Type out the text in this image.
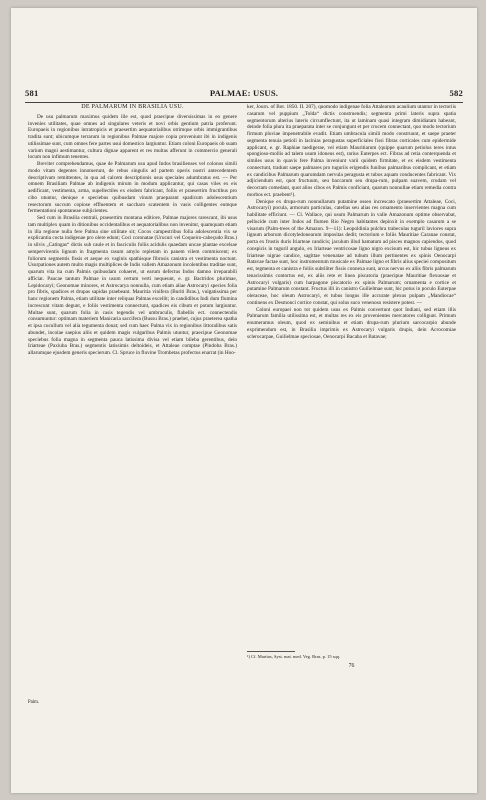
581	PALMAE: USUS.	582
DE PALMARUM IN BRASILIA USU.

De usu palmarum maximus quidem ille est, quod praecipue diversissimas in eo genere invenies utilitates, quae omnes ad singulares veteris et novi orbis gentium patria proferunt. Europaeis in regionibus intratropicis et praesertim aequatorialibus utrimque orbis immigrantibus tradita sunt; ubicumque terrarum in regionibus Palmae majore copia proveniunt ibi in indigenis utilissimae sunt, cum omnes fere partes usui domestico largiuntur. Etiam coloni Europaeis ob suam varium magni aestimantur, cultura dignae apparent et res multas afferunt in commercio generali locum non infimum tenentes.

Breviter comprehendamus, quae de Palmarum usu apud Indos brasilienses vel colonos simili modo vitam degentes innotuerunt, de rebus singulis ad partem operis nostri antecedentem descriptivam remittentes, in qua ad calcem descriptionis usus speciales adumbratus est. — Per omnem Brasiliam Palmae ab indigenis mirum in modum applicantur, qui casas viles ex eis aedificant, vestimenta, arma, supellectiles ex eisdem fabricant, foliis et praesertim fructibus pro cibo utuntur, denique e speciebus quibusdam vinum praeparant spadicum adolescentium resectorum succum copiose effluentem et saccharo scatentem in vasis colligentes eumque fermentationi spontaneae subjicientes.

Sed cum in Brasilia centrali, praesertim montana editiore, Palmae majores rarescant, ibi usus tam multiplex quam in ditionibus occidentalibus et aequatorialibus non invenitur, quamquam etiam in illa regione nulla fere Palma sine utilitate sit; Cocos campestribus folia adolescentia vix se explicantia cocta indigenae pro olere edunt; Coci coronatae (Urucuri vel Coqueiro-cabeçudo Bras.) in silvis „Catingas“ dictis sub caule et in fasciculis foliis acidulis quaedam uncae plantae excelsae sempervirentis lignum in fragmenta rasum amylo repletam in panem vilem commiscent; ex foliorum segmentis fissis et aeque ex vaginis spathisque fibrosis canistra et vestimenta noctunt. Usurpationes autem multo magis multiplices de Indis vallem Amazonum incolentibus traditae sunt, quarum vita ita cum Palmis quibusdam cohaeret, ut earum defectus Indos damno irreparabili afficiat. Paucae tantum Palmae in usum certum verti nequeunt, e. gr. Bactridos plurimae, Lepidocaryi; Geonomae minores, et Astrocarya nonnulla, cum etiam aliae Astrocaryi species folia pro fibris, spadices et drupas sapidas praebeant. Mauritia vinifera (Buriti Bras.), vulgatissima per hanc regionem Palma, etiam utilitate inter reliquas Palmas excellit; in candidibus Indi dum flumina increscunt vitam degunt, e foliis vestimenta connectunt, spadices eis cibum et potum largiuntur. Multae sunt, quarum folia in casis tegendis vel umbraculis, flabellis ect. connectendis consumuntur: optimam materiem Manicaria saccifera (Bussu Bras.) praebet, cujus praeterea spatha et ipsa cucullum vel alia tegumenta donat; sed cum haec Palma vix in regionibus littoralibus satis abundet, incolae saepius aliis et quidem magis vulgaribus Palmis utuntur, praecipue Geonomae speciebus folia magna in segmenta pauca latissima divisa vel etiam bileba gerentibus, dein Iriarteae (Paxiuba Bras.) segmentis latissimis deltoideis, et Attaleae comptae (Pindoba Bras.) allarumque ejusdem generis specierum. Cl. Spruce in fluvine Trombetas profectus enarrat (in Hoo-

Palm.

ker, Journ. of Bot. 1850. II. 207), quomodo indigenae folia Attalearum acaulium utantur in tectoriis casarum vel puppium „Tolda“ dictis construendis; segmenta primi lateris supra spatia segmentorum alterius lateris circumflectunt, ita ut laminam quasi integram dimidiatam habeant, deinde folia plura ita praeparata inter se conjungunt et per crucem connectant, quo modo tectorium firmum pluviae impenetrabile evadit. Etiam umbracula simili modo construunt, et saepe praeter segmenta tenuia petioli in lacinias peragustas superficiales fissi fibras corticales cum epidermide applicant, e. gr. Raphiae taedigerae, vel etiam Mauritiarum (quippe quarum petiolus teres intus spongioso-mollis ad talem usum idoneus est), rarius Euterpes ect. Fibras ad retia conterquenda et similes usus in quavis fere Palma inveniunt varii quidem firmitate, et ex eisdem vestimenta connectunt, tradunt saepe palmares pro tuguriis erigendis funibus palmaribus complicant, et etiam ex candicibus Palmarum quarumdam nervula peragusta et tubos aquam conducentes fabricant. Vix adjiciendum est, quot fructuum, seu baccarum seu drupa-rum, pulpam suavem, crudam vel decoctam comedant, quot alios cibos ex Palmis conficiant, quarum nonnullae etiam remedia contra morbos ect. praebent¹).

Denique ex drupa-rum nonnullarum putamine osseo increscato (praesertim Attaleae, Coci, Astrocaryi) pocula, armorum particulas, catellas seu alias res ornamento inservientes magna cum habilitate efficiunt. — Cl. Wallace, qui usum Palmarum in valle Amazonum optime observabat, pellucide cum inter Indos ad flumen Rio Negro habitantes depinxit in exemplo casarum a se visarum (Palm-trees of the Amazon. 9—11): Leopoldinia pulchra trabeculas tuguril laviores supra lignum arborum dicotyledonearum impositas dedit; tectorium e foliis Mauritiae Caranae constat, porta ex frustis duris Iriarteae candicis; jaculum illud hamatum ad pisces magnos capiendos, quod conspicis in tuguril angulo, ex Iriarteae ventricosae ligno nigro excisum est, hic tubus ligneus ex Iriarteae nigrae candice, sagittae venenatae ad tubum illum pertinentes ex spinis Oenocarpi Batavae factae sunt, hoc instrumentum musicale ex Palmae ligno et fibris alius speciei compositum est, tegmenta et canistra e foliis subtiliter fissis connexa sunt, arcus nervus ex aliis fibris palmarum tenacissimis contortus est, ex aliis rete et linea piscatoria (praecipue Mauritiae flexuosae et Astrocaryi vulgaris) cum harpagone piscatorio ex spinis Palmarum; ornamenta e cortice et putamine Palmarum constant. Fructus illi in canistro Guilielmae sunt, hic potus in poculo Euterpae oleraceae, hoc oleum Astrocaryi, et tubus longus ille accurate plexus pulpam „Mandiocae“ continens ex Desmonci cortice constat, qui solus sucо venenoso resistere potest. —

Coloni europaei non tot quidem usus ex Palmis convertunt quot Indiani, sed etiam illis Palmarum familia utilissima est, et multas res ex eis provenientes mercatores colligunt. Primum enumeramus oleum, quod ex seminibus et etiam drupa-rum plurium sarcocarpio abunde exprimendum est, in Brasilia imprimis ex Astrocaryi vulgaris drupis, dein Acrocomiae sclerocarpae, Guilielmae speciosae, Oenocarpi Bacaba et Batavae;

¹) Cf. Martius, Syst. mat. med. Veg. Bras. p. 15 sqq.
76
